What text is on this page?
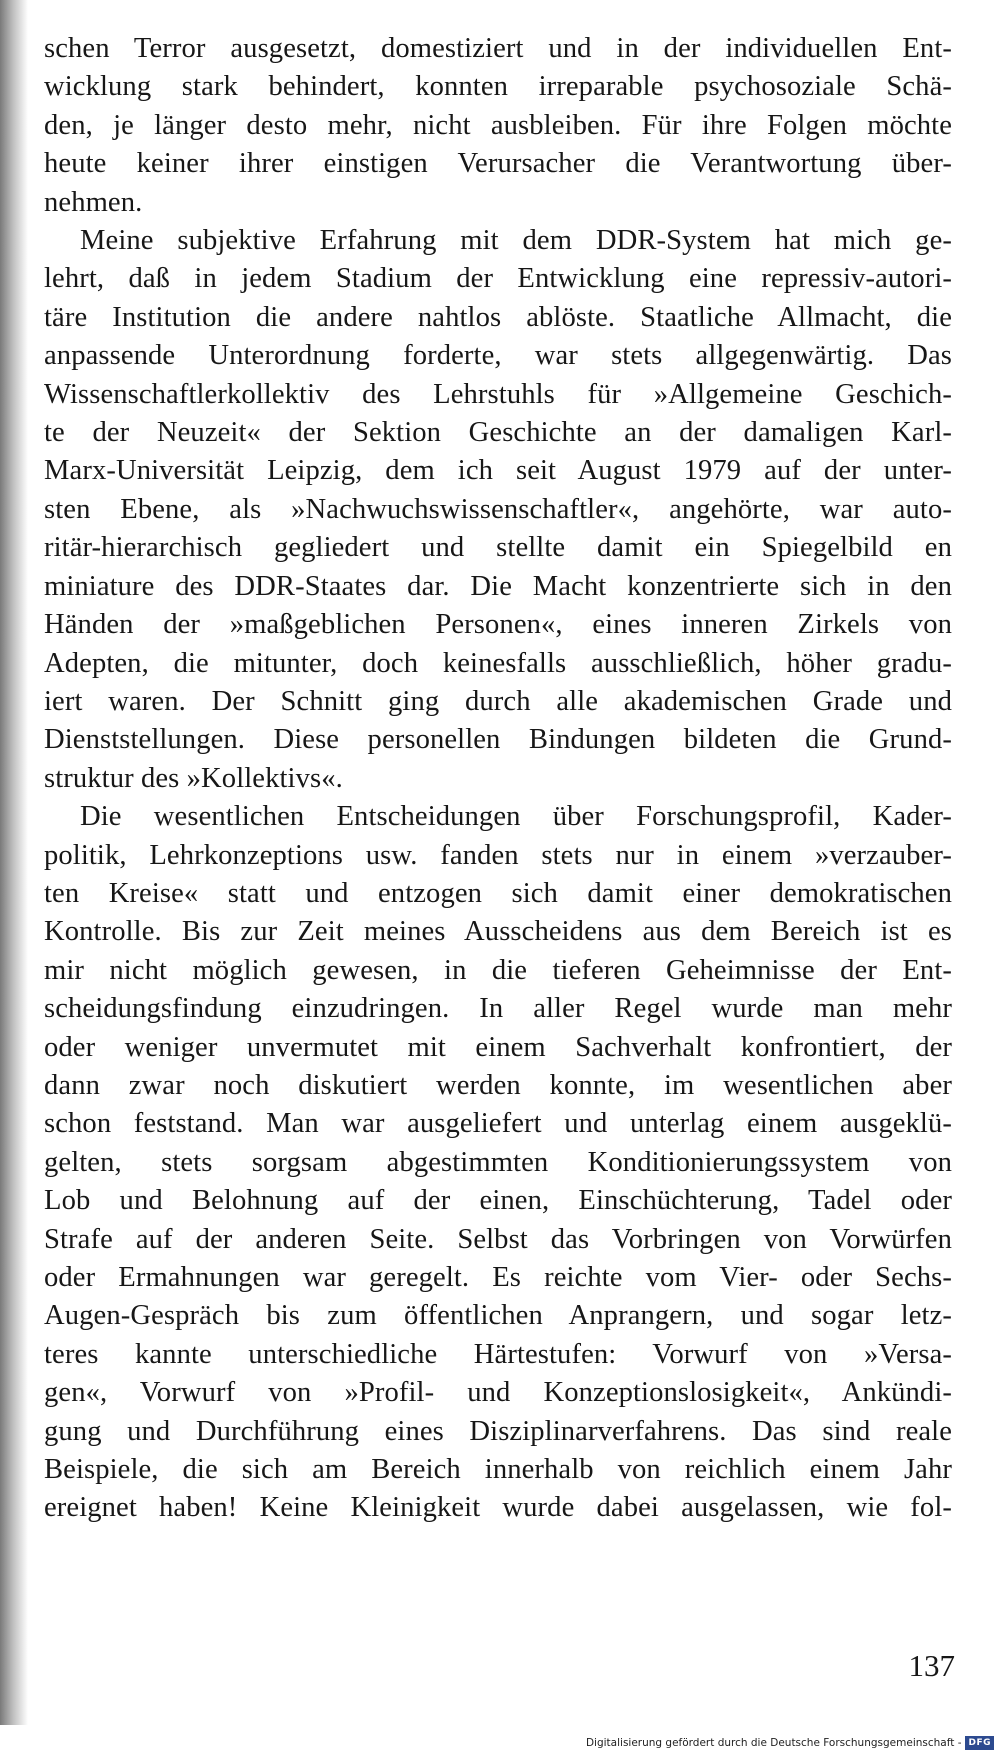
schen Terror ausgesetzt, domestiziert und in der individuellen Ent-
wicklung stark behindert, konnten irreparable psychosoziale Schä-
den, je länger desto mehr, nicht ausbleiben. Für ihre Folgen möchte
heute keiner ihrer einstigen Verursacher die Verantwortung über-
nehmen.
Meine subjektive Erfahrung mit dem DDR-System hat mich ge-
lehrt, daß in jedem Stadium der Entwicklung eine repressiv-autori-
täre Institution die andere nahtlos ablöste. Staatliche Allmacht, die
anpassende Unterordnung forderte, war stets allgegenwärtig. Das
Wissenschaftlerkollektiv des Lehrstuhls für »Allgemeine Geschich-
te der Neuzeit« der Sektion Geschichte an der damaligen Karl-
Marx-Universität Leipzig, dem ich seit August 1979 auf der unter-
sten Ebene, als »Nachwuchswissenschaftler«, angehörte, war auto-
ritär-hierarchisch gegliedert und stellte damit ein Spiegelbild en
miniature des DDR-Staates dar. Die Macht konzentrierte sich in den
Händen der »maßgeblichen Personen«, eines inneren Zirkels von
Adepten, die mitunter, doch keinesfalls ausschließlich, höher gradu-
iert waren. Der Schnitt ging durch alle akademischen Grade und
Dienststellungen. Diese personellen Bindungen bildeten die Grund-
struktur des »Kollektivs«.
Die wesentlichen Entscheidungen über Forschungsprofil, Kader-
politik, Lehrkonzeptions usw. fanden stets nur in einem »verzauber-
ten Kreise« statt und entzogen sich damit einer demokratischen
Kontrolle. Bis zur Zeit meines Ausscheidens aus dem Bereich ist es
mir nicht möglich gewesen, in die tieferen Geheimnisse der Ent-
scheidungsfindung einzudringen. In aller Regel wurde man mehr
oder weniger unvermutet mit einem Sachverhalt konfrontiert, der
dann zwar noch diskutiert werden konnte, im wesentlichen aber
schon feststand. Man war ausgeliefert und unterlag einem ausgeklü-
gelten, stets sorgsam abgestimmten Konditionierungssystem von
Lob und Belohnung auf der einen, Einschüchterung, Tadel oder
Strafe auf der anderen Seite. Selbst das Vorbringen von Vorwürfen
oder Ermahnungen war geregelt. Es reichte vom Vier- oder Sechs-
Augen-Gespräch bis zum öffentlichen Anprangern, und sogar letz-
teres kannte unterschiedliche Härtestufen: Vorwurf von »Versa-
gen«, Vorwurf von »Profil- und Konzeptionslosigkeit«, Ankündi-
gung und Durchführung eines Disziplinarverfahrens. Das sind reale
Beispiele, die sich am Bereich innerhalb von reichlich einem Jahr
ereignet haben! Keine Kleinigkeit wurde dabei ausgelassen, wie fol-
137
Digitalisierung gefördert durch die Deutsche Forschungsgemeinschaft - DFG
